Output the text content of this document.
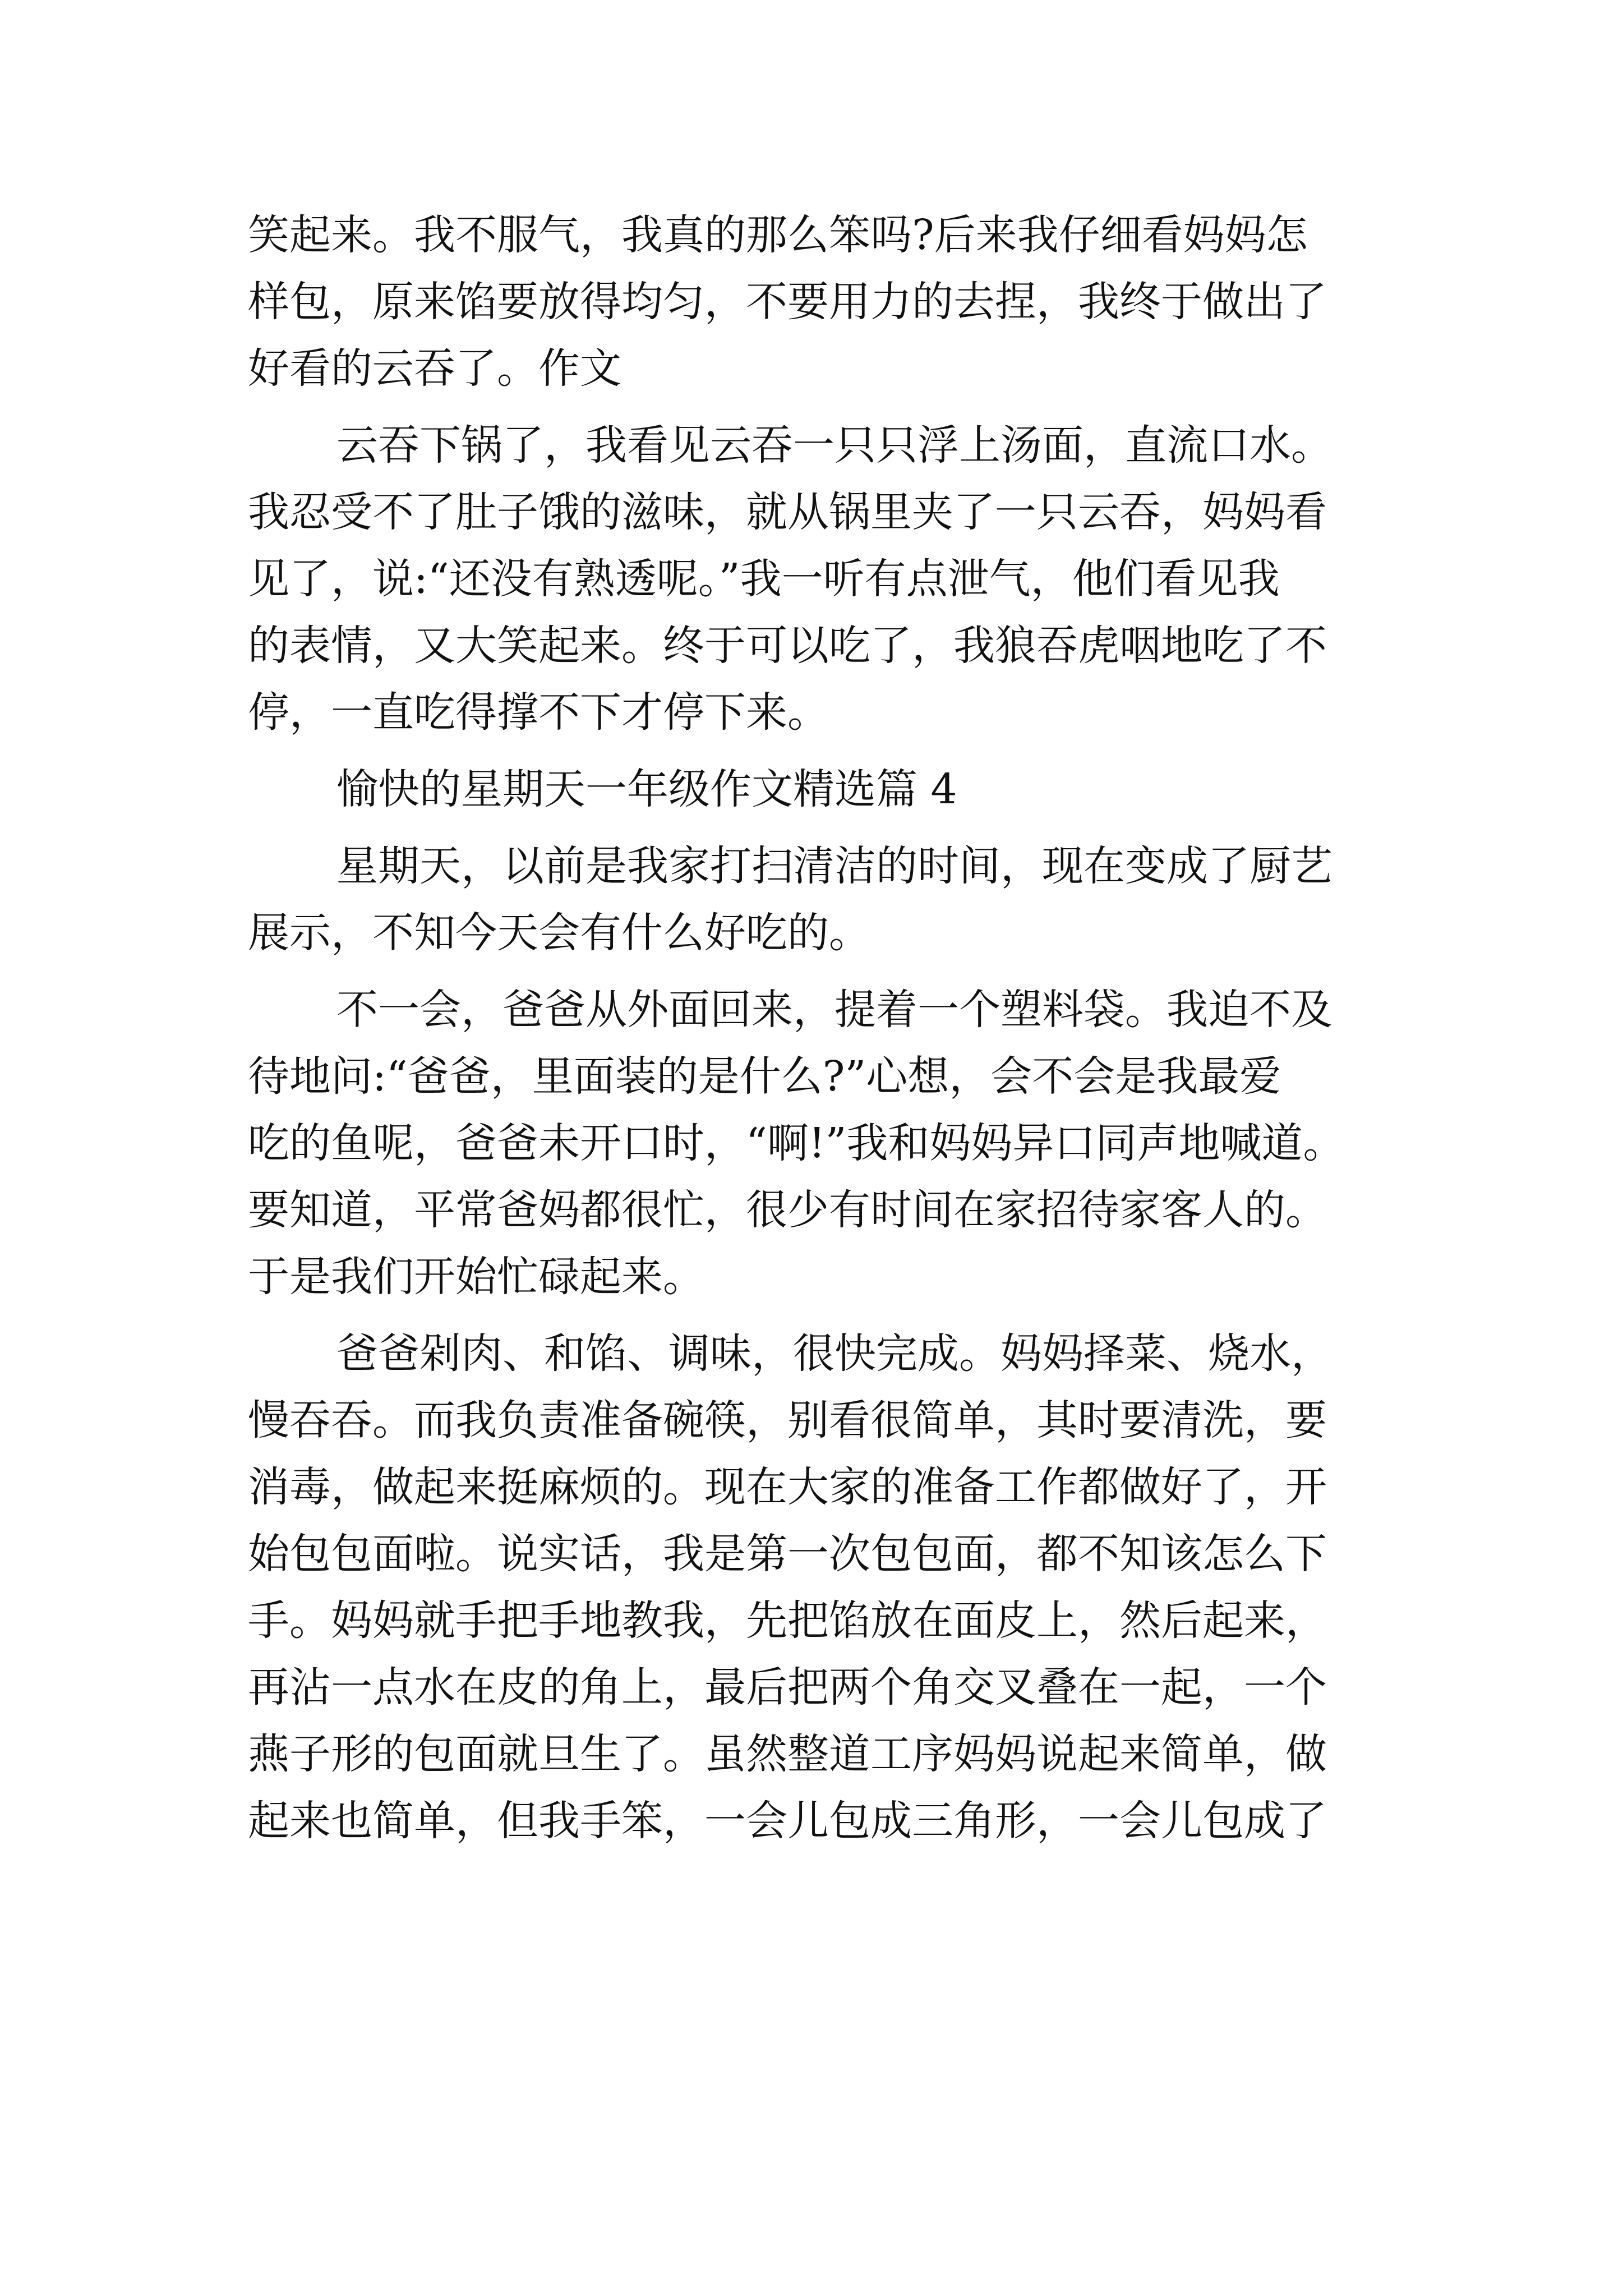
笑起来。我不服气，我真的那么笨吗?后来我仔细看妈妈怎
样包，原来馅要放得均匀，不要用力的去捏，我终于做出了
好看的云吞了。作文
云吞下锅了，我看见云吞一只只浮上汤面，直流口水。
我忍受不了肚子饿的滋味，就从锅里夹了一只云吞，妈妈看
见了，说:“还没有熟透呢。”我一听有点泄气，他们看见我
的表情，又大笑起来。终于可以吃了，我狼吞虎咽地吃了不
停，一直吃得撑不下才停下来。
愉快的星期天一年级作文精选篇 4
星期天，以前是我家打扫清洁的时间，现在变成了厨艺
展示，不知今天会有什么好吃的。
不一会，爸爸从外面回来，提着一个塑料袋。我迫不及
待地问:“爸爸，里面装的是什么?”心想，会不会是我最爱
吃的鱼呢，爸爸未开口时，“啊!”我和妈妈异口同声地喊道。
要知道，平常爸妈都很忙，很少有时间在家招待家客人的。
于是我们开始忙碌起来。
爸爸剁肉、和馅、调味，很快完成。妈妈择菜、烧水，
慢吞吞。而我负责准备碗筷，别看很简单，其时要清洗，要
消毒，做起来挺麻烦的。现在大家的准备工作都做好了，开
始包包面啦。说实话，我是第一次包包面，都不知该怎么下
手。妈妈就手把手地教我，先把馅放在面皮上，然后起来，
再沾一点水在皮的角上，最后把两个角交叉叠在一起，一个
燕子形的包面就旦生了。虽然整道工序妈妈说起来简单，做
起来也简单，但我手笨，一会儿包成三角形，一会儿包成了
